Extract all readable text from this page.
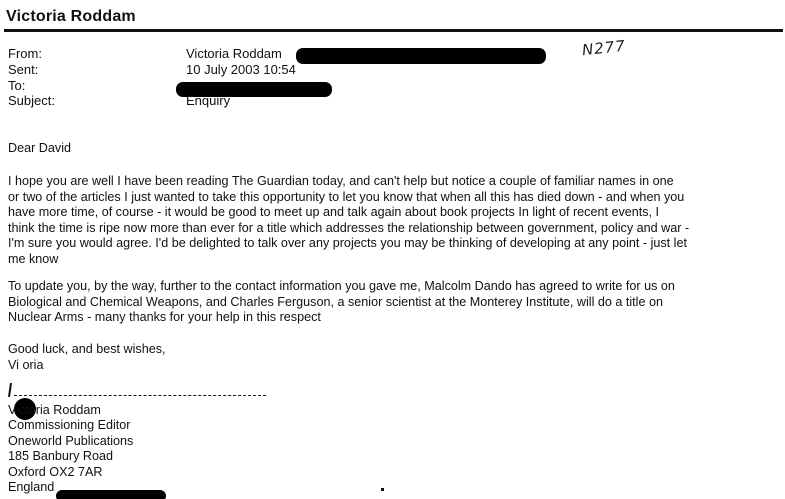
Victoria Roddam
From:	Victoria Roddam
Sent:	10 July 2003 10:54
To:
Subject:	Enquiry
N277
Dear David
I hope you are well I have been reading The Guardian today, and can't help but notice a couple of familiar names in one
or two of the articles I just wanted to take this opportunity to let you know that when all this has died down - and when you
have more time, of course - it would be good to meet up and talk again about book projects In light of recent events, I
think the time is ripe now more than ever for a title which addresses the relationship between government, policy and war -
I'm sure you would agree. I'd be delighted to talk over any projects you may be thinking of developing at any point - just let
me know
To update you, by the way, further to the contact information you gave me, Malcolm Dando has agreed to write for us on
Biological and Chemical Weapons, and Charles Ferguson, a senior scientist at the Monterey Institute, will do a title on
Nuclear Arms - many thanks for your help in this respect
Good luck, and best wishes,
Vi oria
Victoria Roddam
Commissioning Editor
Oneworld Publications
185 Banbury Road
Oxford OX2 7AR
England
